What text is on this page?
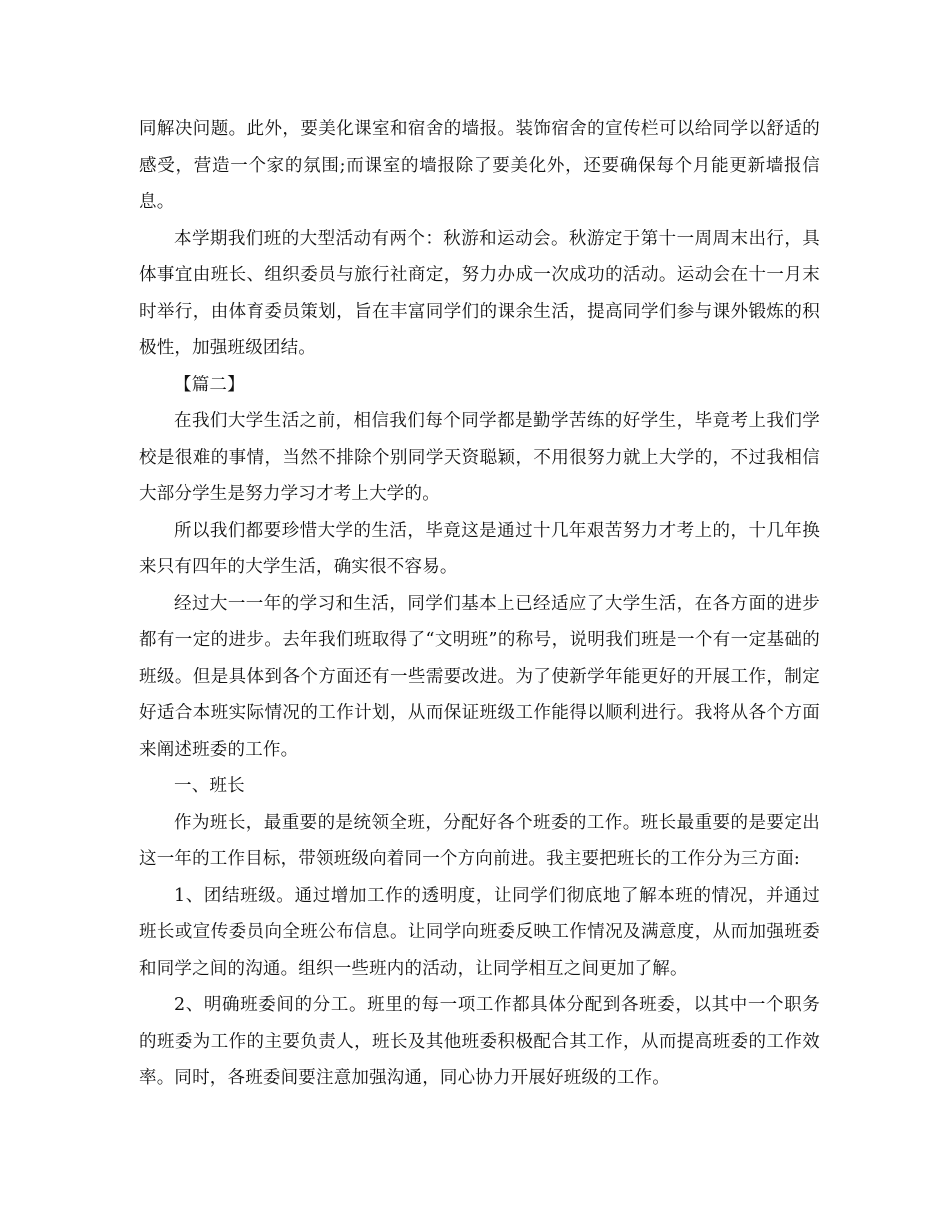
同解决问题。此外，要美化课室和宿舍的墙报。装饰宿舍的宣传栏可以给同学以舒适的感受，营造一个家的氛围;而课室的墙报除了要美化外，还要确保每个月能更新墙报信息。

本学期我们班的大型活动有两个：秋游和运动会。秋游定于第十一周周末出行，具体事宜由班长、组织委员与旅行社商定，努力办成一次成功的活动。运动会在十一月末时举行，由体育委员策划，旨在丰富同学们的课余生活，提高同学们参与课外锻炼的积极性，加强班级团结。

【篇二】

在我们大学生活之前，相信我们每个同学都是勤学苦练的好学生，毕竟考上我们学校是很难的事情，当然不排除个别同学天资聪颖，不用很努力就上大学的，不过我相信大部分学生是努力学习才考上大学的。

所以我们都要珍惜大学的生活，毕竟这是通过十几年艰苦努力才考上的，十几年换来只有四年的大学生活，确实很不容易。

经过大一一年的学习和生活，同学们基本上已经适应了大学生活，在各方面的进步都有一定的进步。去年我们班取得了“文明班”的称号，说明我们班是一个有一定基础的班级。但是具体到各个方面还有一些需要改进。为了使新学年能更好的开展工作，制定好适合本班实际情况的工作计划，从而保证班级工作能得以顺利进行。我将从各个方面来阐述班委的工作。

一、班长

作为班长，最重要的是统领全班，分配好各个班委的工作。班长最重要的是要定出这一年的工作目标，带领班级向着同一个方向前进。我主要把班长的工作分为三方面:

1、团结班级。通过增加工作的透明度，让同学们彻底地了解本班的情况，并通过班长或宣传委员向全班公布信息。让同学向班委反映工作情况及满意度，从而加强班委和同学之间的沟通。组织一些班内的活动，让同学相互之间更加了解。

2、明确班委间的分工。班里的每一项工作都具体分配到各班委，以其中一个职务的班委为工作的主要负责人，班长及其他班委积极配合其工作，从而提高班委的工作效率。同时，各班委间要注意加强沟通，同心协力开展好班级的工作。
